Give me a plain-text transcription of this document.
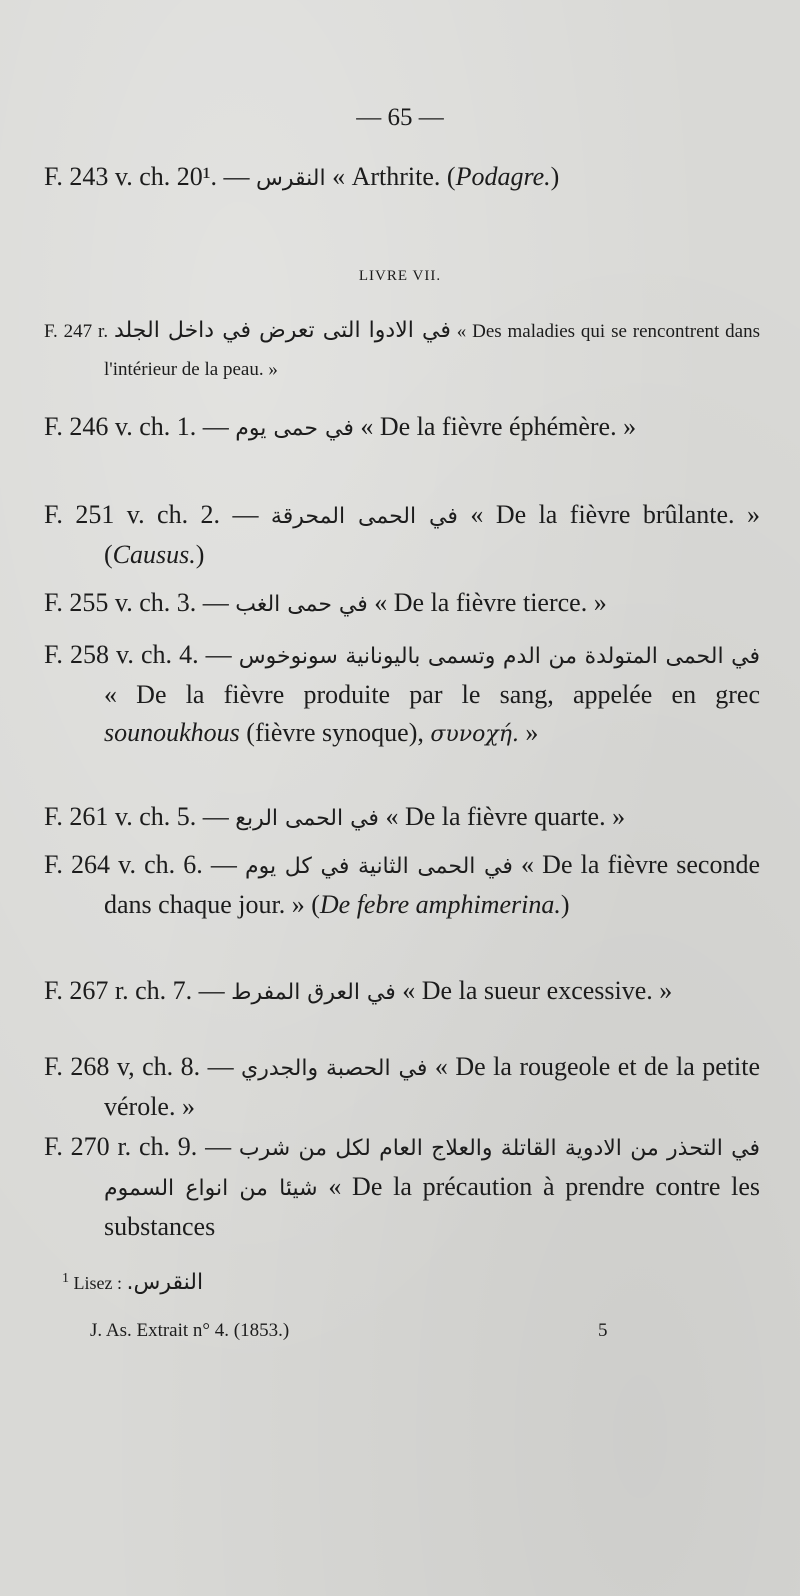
— 65 —
F. 243 v. ch. 20¹. — النقرس « Arthrite. (Podagre.)
LIVRE VII.
F. 247 r. في الادوا التى تعرض في داخل الجلد « Des maladies qui se rencontrent dans l'intérieur de la peau. »
F. 246 v. ch. 1. — في حمى يوم « De la fièvre éphémère. »
F. 251 v. ch. 2. — في الحمى المحرقة « De la fièvre brûlante. » (Causus.)
F. 255 v. ch. 3. — في حمى الغب « De la fièvre tierce. »
F. 258 v. ch. 4. — في الحمى المتولدة من الدم وتسمى باليونانية سونوخوس « De la fièvre produite par le sang, appelée en grec sounoukhous (fièvre synoque), συνοχή. »
F. 261 v. ch. 5. — في الحمى الربع « De la fièvre quarte. »
F. 264 v. ch. 6. — في الحمى الثانية في كل يوم « De la fièvre seconde dans chaque jour. » (De febre amphimerina.)
F. 267 r. ch. 7. — في العرق المفرط « De la sueur excessive. »
F. 268 v, ch. 8. — في الحصبة والجدري « De la rougeole et de la petite vérole. »
F. 270 r. ch. 9. — في التحذر من الادوية القاتلة والعلاج العام لكل من شرب شيئا من انواع السموم « De la précaution à prendre contre les substances
$^1$ Lisez : النقرس.
J. As. Extrait n° 4. (1853.)	5
